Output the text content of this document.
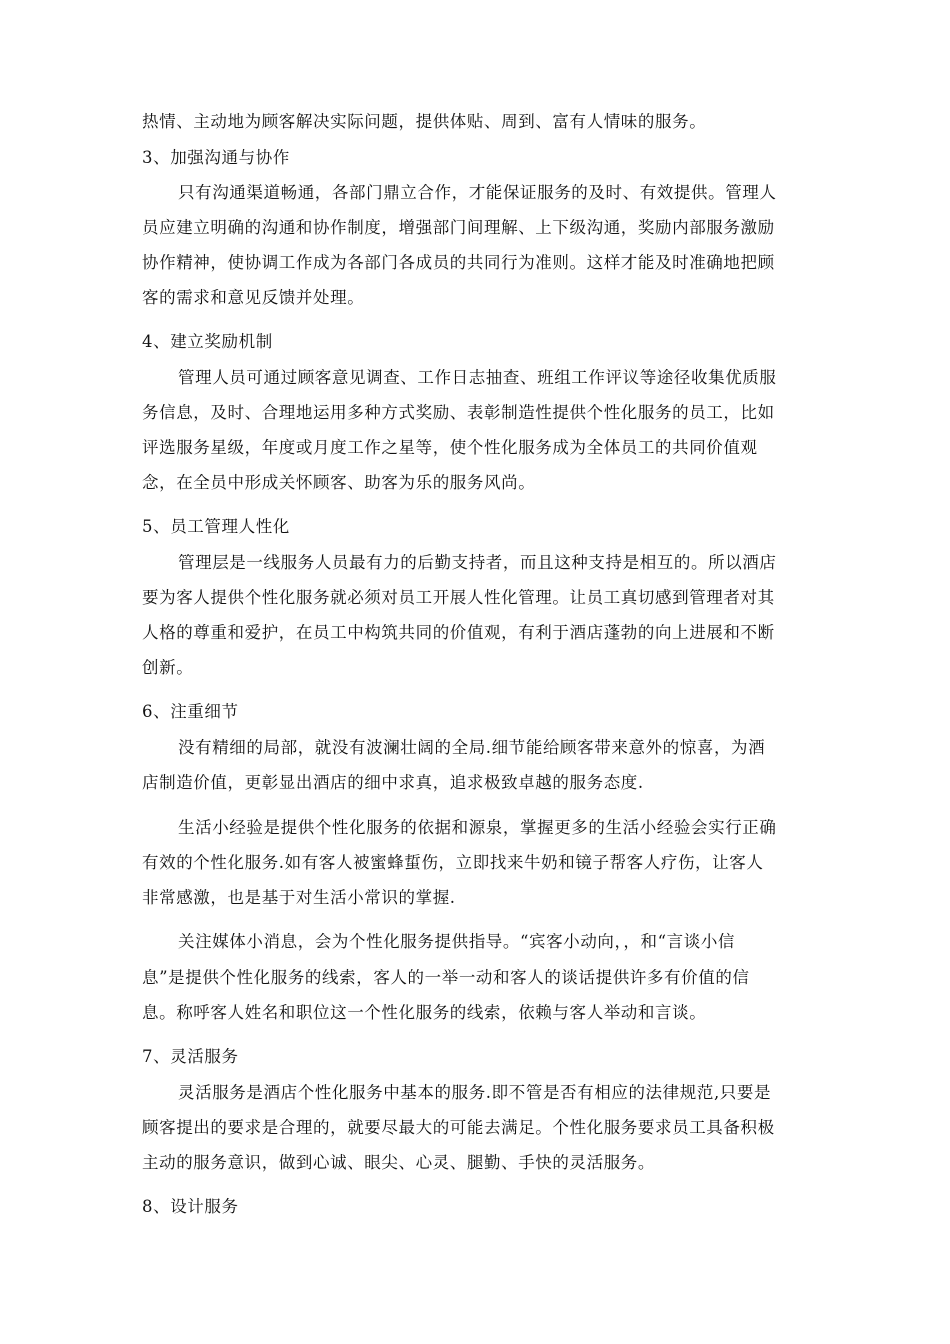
热情、主动地为顾客解决实际问题，提供体贴、周到、富有人情味的服务。
3、加强沟通与协作
只有沟通渠道畅通，各部门鼎立合作，才能保证服务的及时、有效提供。管理人
员应建立明确的沟通和协作制度，增强部门间理解、上下级沟通，奖励内部服务激励
协作精神，使协调工作成为各部门各成员的共同行为准则。这样才能及时准确地把顾
客的需求和意见反馈并处理。
4、建立奖励机制
管理人员可通过顾客意见调查、工作日志抽查、班组工作评议等途径收集优质服
务信息，及时、合理地运用多种方式奖励、表彰制造性提供个性化服务的员工，比如
评选服务星级，年度或月度工作之星等，使个性化服务成为全体员工的共同价值观
念，在全员中形成关怀顾客、助客为乐的服务风尚。
5、员工管理人性化
管理层是一线服务人员最有力的后勤支持者，而且这种支持是相互的。所以酒店
要为客人提供个性化服务就必须对员工开展人性化管理。让员工真切感到管理者对其
人格的尊重和爱护，在员工中构筑共同的价值观，有利于酒店蓬勃的向上进展和不断
创新。
6、注重细节
没有精细的局部，就没有波澜壮阔的全局.细节能给顾客带来意外的惊喜，为酒
店制造价值，更彰显出酒店的细中求真，追求极致卓越的服务态度.
生活小经验是提供个性化服务的依据和源泉，掌握更多的生活小经验会实行正确
有效的个性化服务.如有客人被蜜蜂蜇伤，立即找来牛奶和镜子帮客人疗伤，让客人
非常感激，也是基于对生活小常识的掌握.
关注媒体小消息，会为个性化服务提供指导。“宾客小动向，，和“言谈小信
息”是提供个性化服务的线索，客人的一举一动和客人的谈话提供许多有价值的信
息。称呼客人姓名和职位这一个性化服务的线索，依赖与客人举动和言谈。
7、灵活服务
灵活服务是酒店个性化服务中基本的服务.即不管是否有相应的法律规范,只要是
顾客提出的要求是合理的，就要尽最大的可能去满足。个性化服务要求员工具备积极
主动的服务意识，做到心诚、眼尖、心灵、腿勤、手快的灵活服务。
8、设计服务
